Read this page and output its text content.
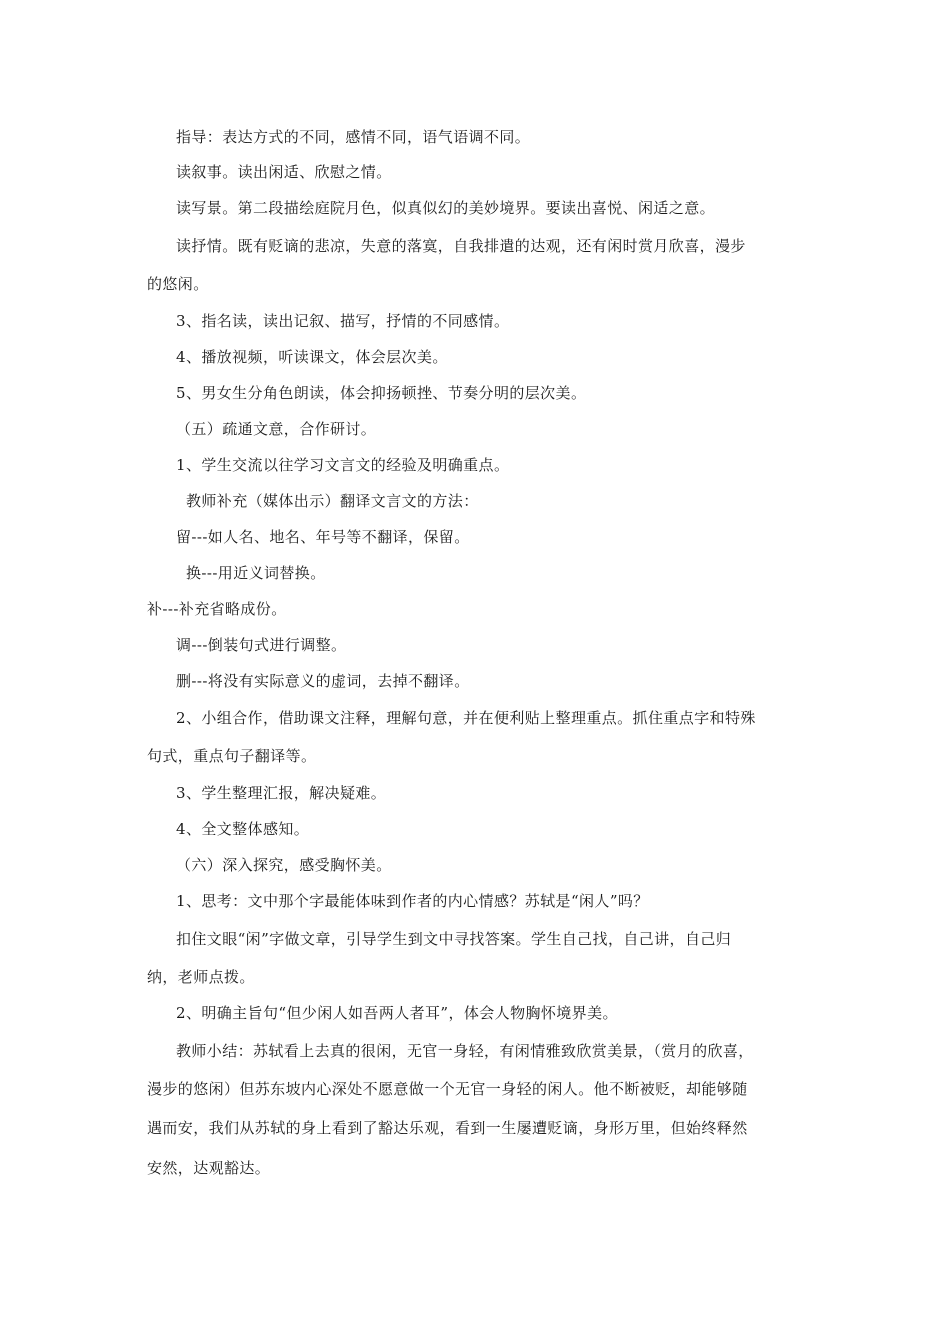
指导：表达方式的不同，感情不同，语气语调不同。
读叙事。读出闲适、欣慰之情。
读写景。第二段描绘庭院月色，似真似幻的美妙境界。要读出喜悦、闲适之意。
读抒情。既有贬谪的悲凉，失意的落寞，自我排遣的达观，还有闲时赏月欣喜，漫步
的悠闲。
3、指名读，读出记叙、描写，抒情的不同感情。
4、播放视频，听读课文，体会层次美。
5、男女生分角色朗读，体会抑扬顿挫、节奏分明的层次美。
（五）疏通文意，合作研讨。
1、学生交流以往学习文言文的经验及明确重点。
教师补充（媒体出示）翻译文言文的方法：
留---如人名、地名、年号等不翻译，保留。
换---用近义词替换。
补---补充省略成份。
调---倒装句式进行调整。
删---将没有实际意义的虚词，去掉不翻译。
2、小组合作，借助课文注释，理解句意，并在便利贴上整理重点。抓住重点字和特殊
句式，重点句子翻译等。
3、学生整理汇报，解决疑难。
4、全文整体感知。
（六）深入探究，感受胸怀美。
1、思考：文中那个字最能体味到作者的内心情感？苏轼是“闲人”吗？
扣住文眼“闲”字做文章，引导学生到文中寻找答案。学生自己找，自己讲，自己归
纳，老师点拨。
2、明确主旨句“但少闲人如吾两人者耳”，体会人物胸怀境界美。
教师小结：苏轼看上去真的很闲，无官一身轻，有闲情雅致欣赏美景，（赏月的欣喜，
漫步的悠闲）但苏东坡内心深处不愿意做一个无官一身轻的闲人。他不断被贬，却能够随
遇而安，我们从苏轼的身上看到了豁达乐观，看到一生屡遭贬谪，身形万里，但始终释然
安然，达观豁达。
